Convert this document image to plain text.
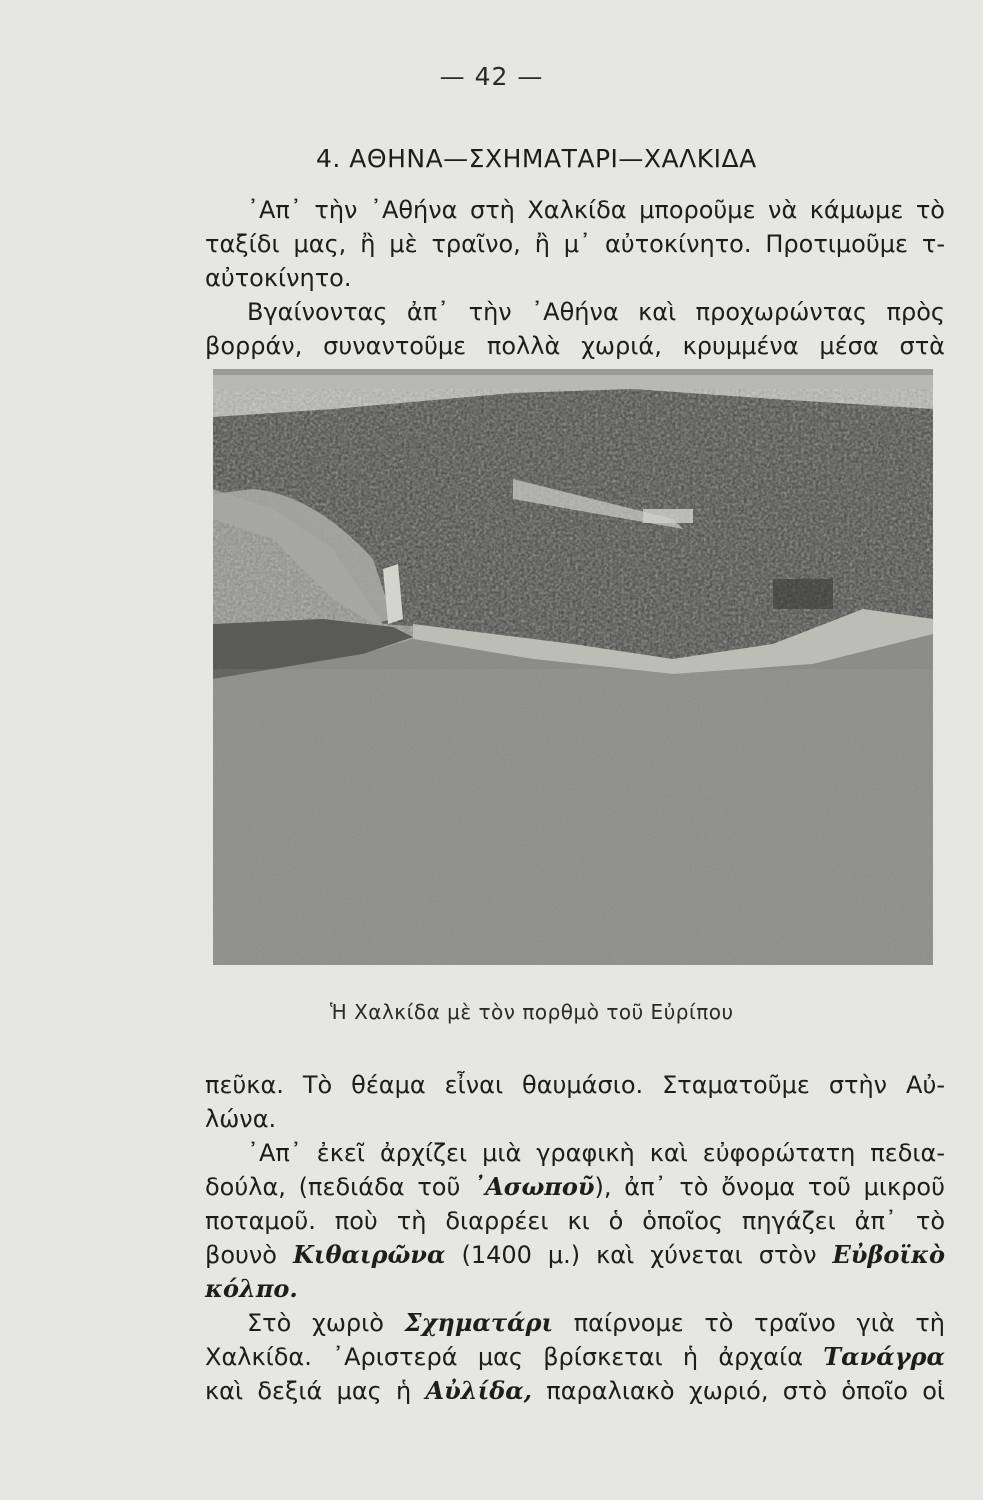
— 42 —
4. ΑΘΗΝΑ—ΣΧΗΜΑΤΑΡΙ—ΧΑΛΚΙΔΑ

᾿Απ᾿ τὴν ᾿Αθήνα στὴ Χαλκίδα μποροῦμε νὰ κάμωμε τὸ

ταξίδι μας, ἢ μὲ τραῖνο, ἢ μ᾿ αὐτοκίνητο. Προτιμοῦμε τ-

αὐτοκίνητο.

Βγαίνοντας ἀπ᾿ τὴν ᾿Αθήνα καὶ προχωρώντας πρὸς

βορράν, συναντοῦμε πολλὰ χωριά, κρυμμένα μέσα στὰ

Ἡ Χαλκίδα μὲ τὸν πορθμὸ τοῦ Εὐρίπου

πεῦκα. Τὸ θέαμα εἶναι θαυμάσιο. Σταματοῦμε στὴν Αὐ-

λώνα.

᾿Απ᾿ ἐκεῖ ἀρχίζει μιὰ γραφικὴ καὶ εὐφορώτατη πεδια-

δούλα, (πεδιάδα τοῦ ᾿Ασωποῦ), ἀπ᾿ τὸ ὄνομα τοῦ μικροῦ

ποταμοῦ. ποὺ τὴ διαρρέει κι ὁ ὁποῖος πηγάζει ἀπ᾿ τὸ

βουνὸ Κιθαιρῶνα (1400 μ.) καὶ χύνεται στὸν Εὐβοϊκὸ

κόλπο.

Στὸ χωριὸ Σχηματάρι παίρνομε τὸ τραῖνο γιὰ τὴ

Χαλκίδα. ᾿Αριστερά μας βρίσκεται ἡ ἀρχαία Τανάγρα

καὶ δεξιά μας ἡ Αὐλίδα, παραλιακὸ χωριό, στὸ ὁποῖο οἱ
